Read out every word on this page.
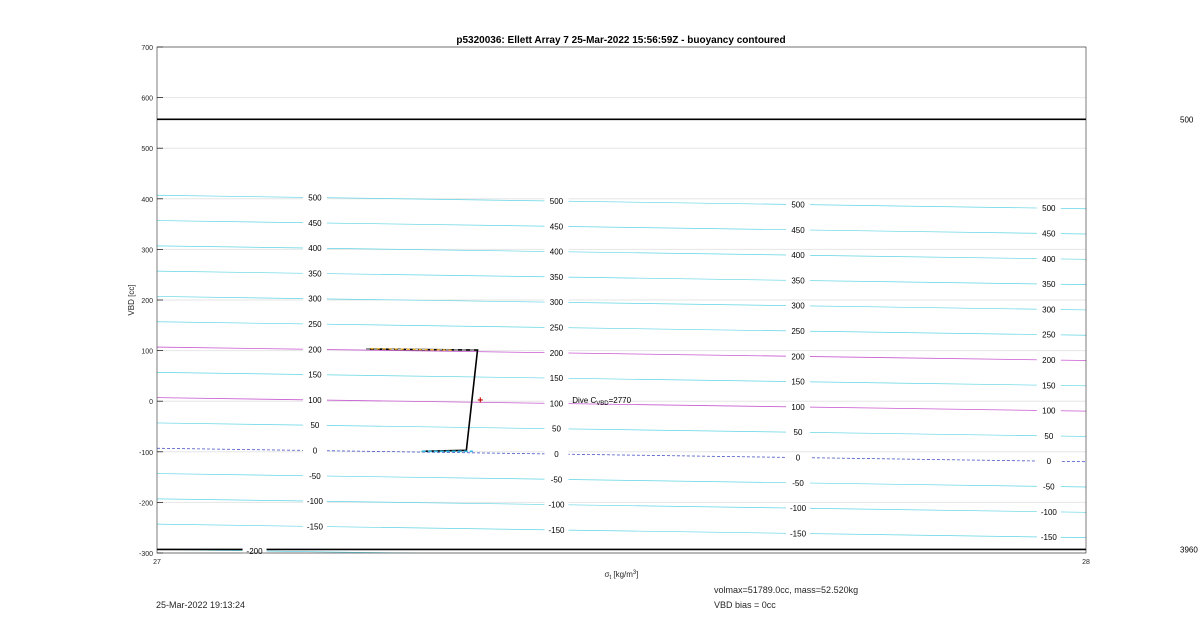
500	500	500	500
450	450	450	450
400	400	400	400
350	350	350	350
300	300	300	300
250	250	250	250
200	200	200	200
150	150	150	150
100	100	100	100
50	50	50	50
0	0	0	0
-50	-50	-50	-50
-100	-100	-100	-100
-150	-150	-150	-150
-200
500
3960
+	Dive $C_{VBD}=2770$
p5320036: Ellett Array 7 25-Mar-2022 15:56:59Z - buoyancy contoured
700
600
500
400
300
200
100
0
-100
-200
-300
27	28
$\sigma_t$ $[kg/m^3]$
VBD [cc]
25-Mar-2022 19:13:24
volmax=51789.0cc, mass=52.520kg
VBD bias = 0cc
